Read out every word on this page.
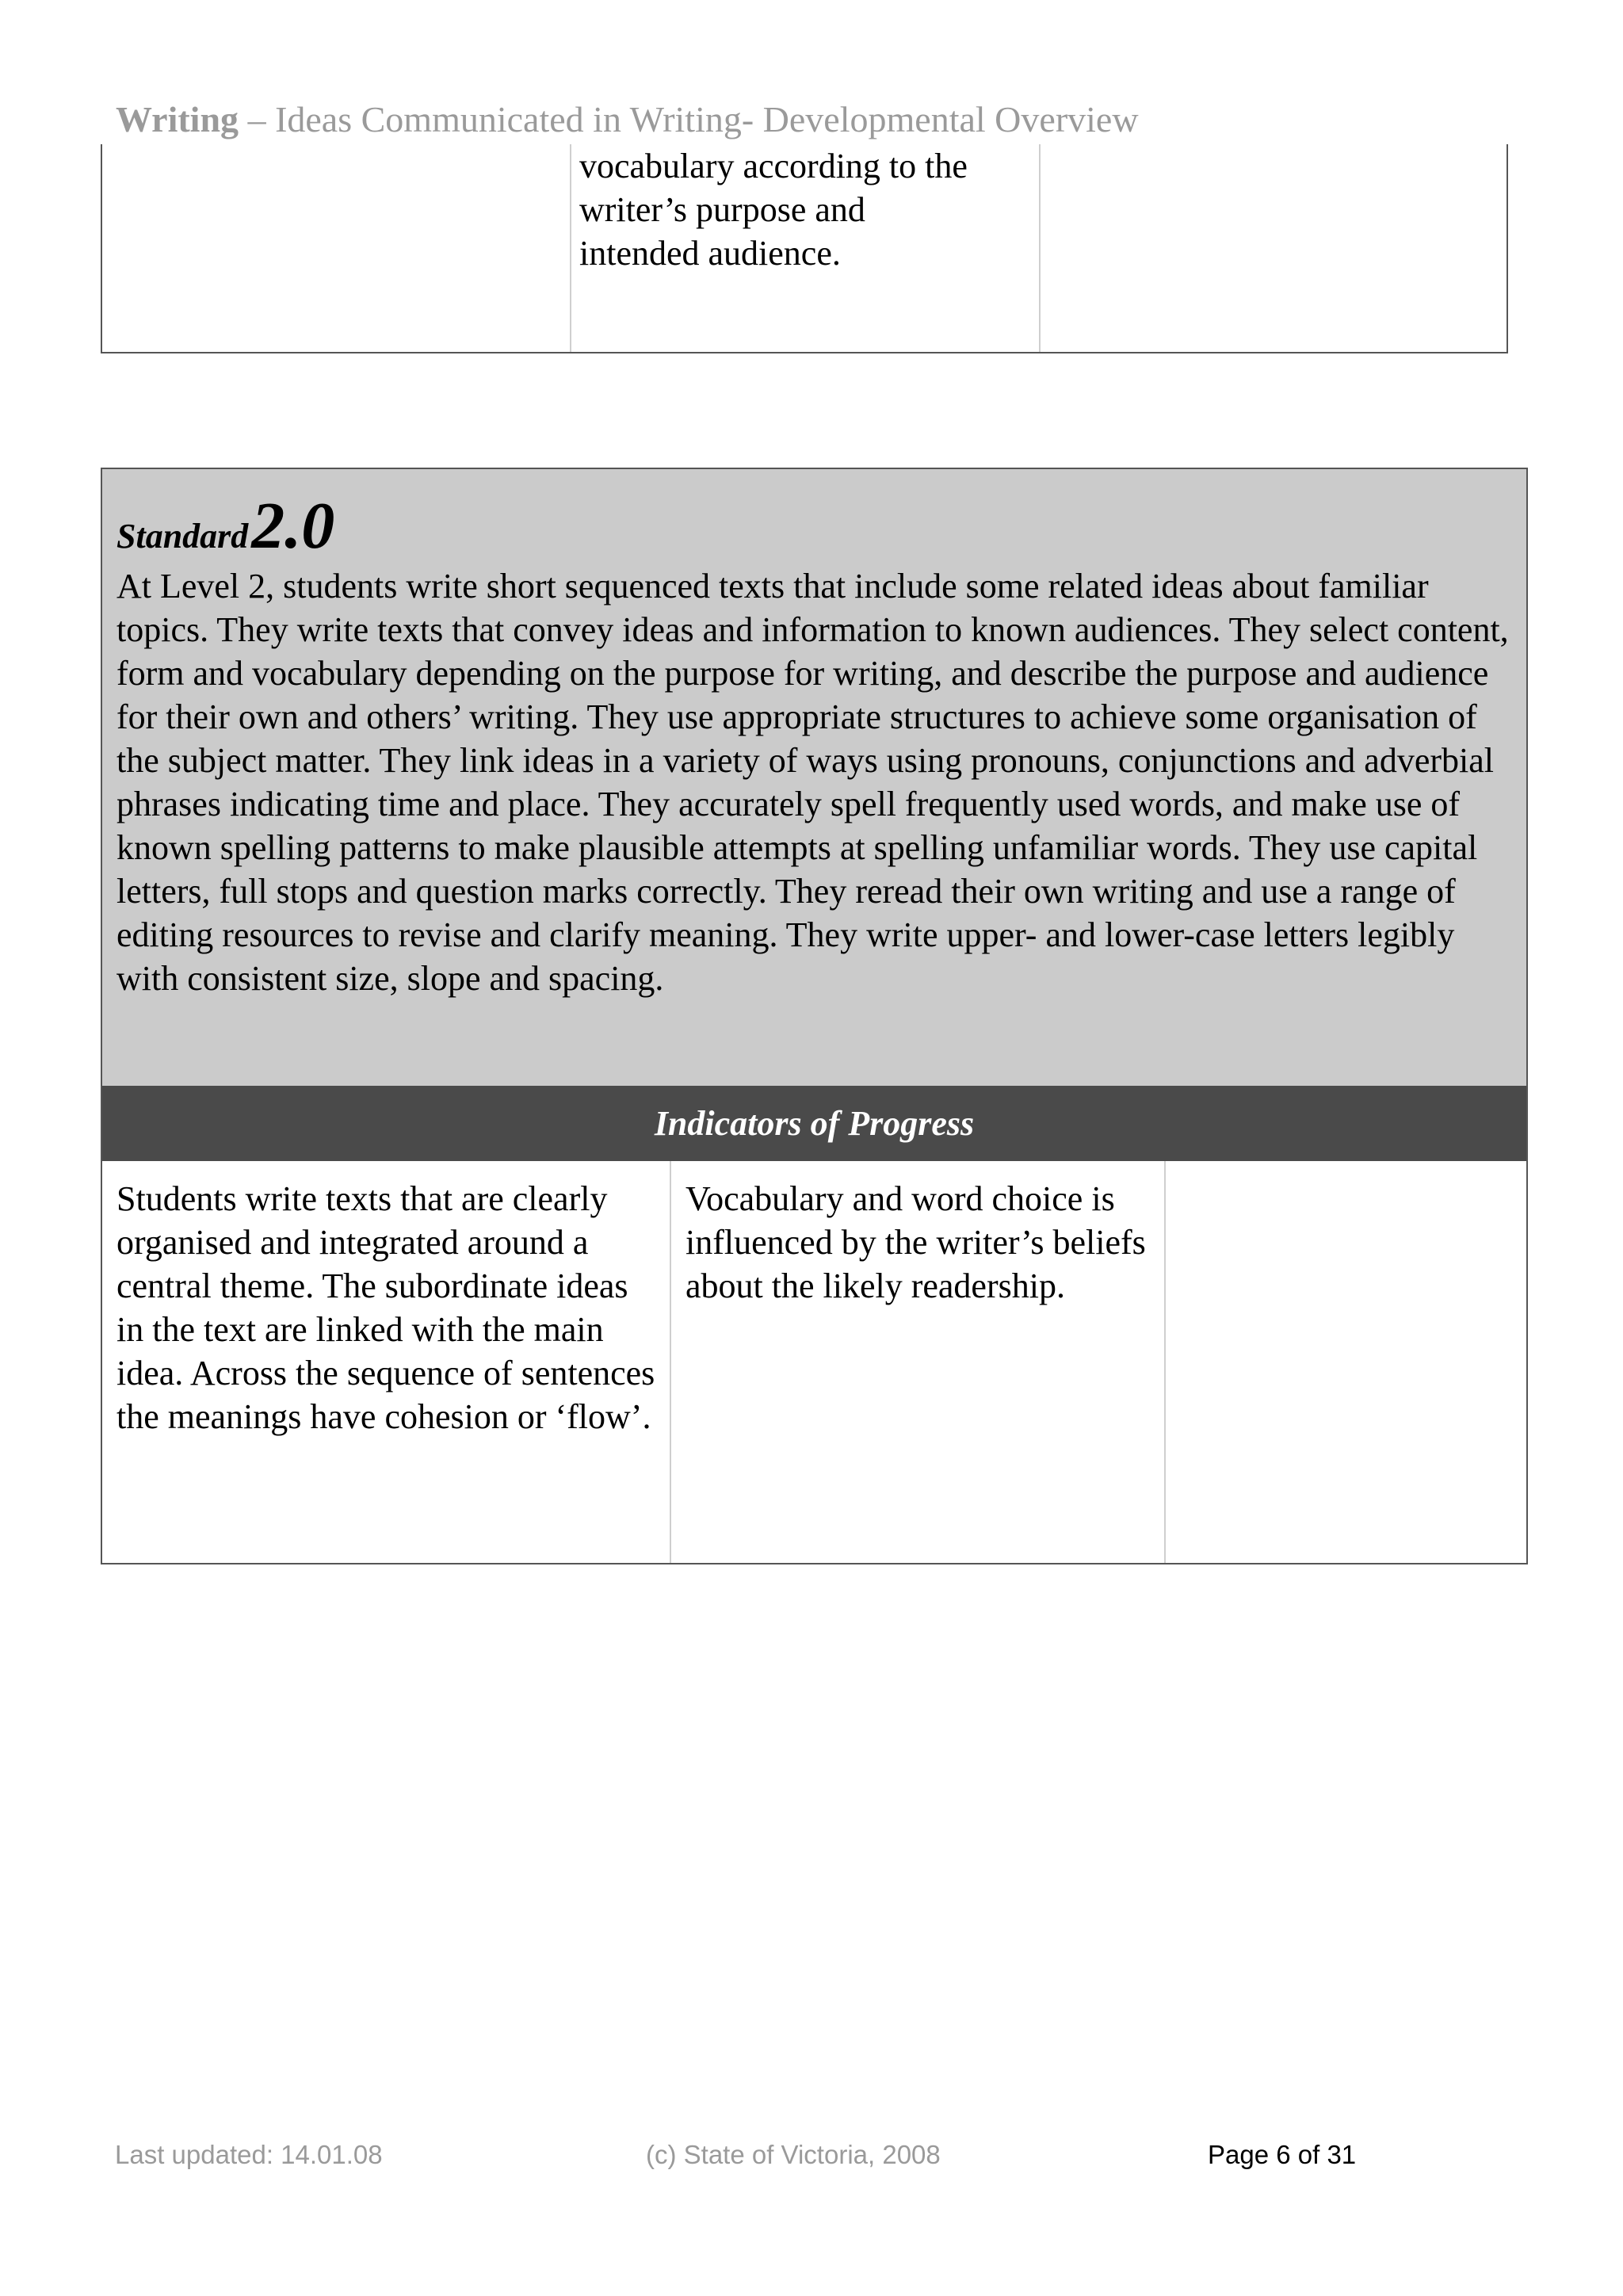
Writing – Ideas Communicated in Writing- Developmental Overview

vocabulary according to the
writer’s purpose and
intended audience.

Standard 2.0

At Level 2, students write short sequenced texts that include some related ideas about familiar topics. They write texts that convey ideas and information to known audiences. They select content, form and vocabulary depending on the purpose for writing, and describe the purpose and audience for their own and others’ writing. They use appropriate structures to achieve some organisation of the subject matter. They link ideas in a variety of ways using pronouns, conjunctions and adverbial phrases indicating time and place. They accurately spell frequently used words, and make use of known spelling patterns to make plausible attempts at spelling unfamiliar words. They use capital letters, full stops and question marks correctly. They reread their own writing and use a range of editing resources to revise and clarify meaning. They write upper- and lower-case letters legibly with consistent size, slope and spacing.

Indicators of Progress

Students write texts that are clearly organised and integrated around a central theme. The subordinate ideas in the text are linked with the main idea. Across the sequence of sentences the meanings have cohesion or ‘flow’.

Vocabulary and word choice is influenced by the writer’s beliefs about the likely readership.

Last updated: 14.01.08	(c) State of Victoria, 2008	Page 6 of 31
